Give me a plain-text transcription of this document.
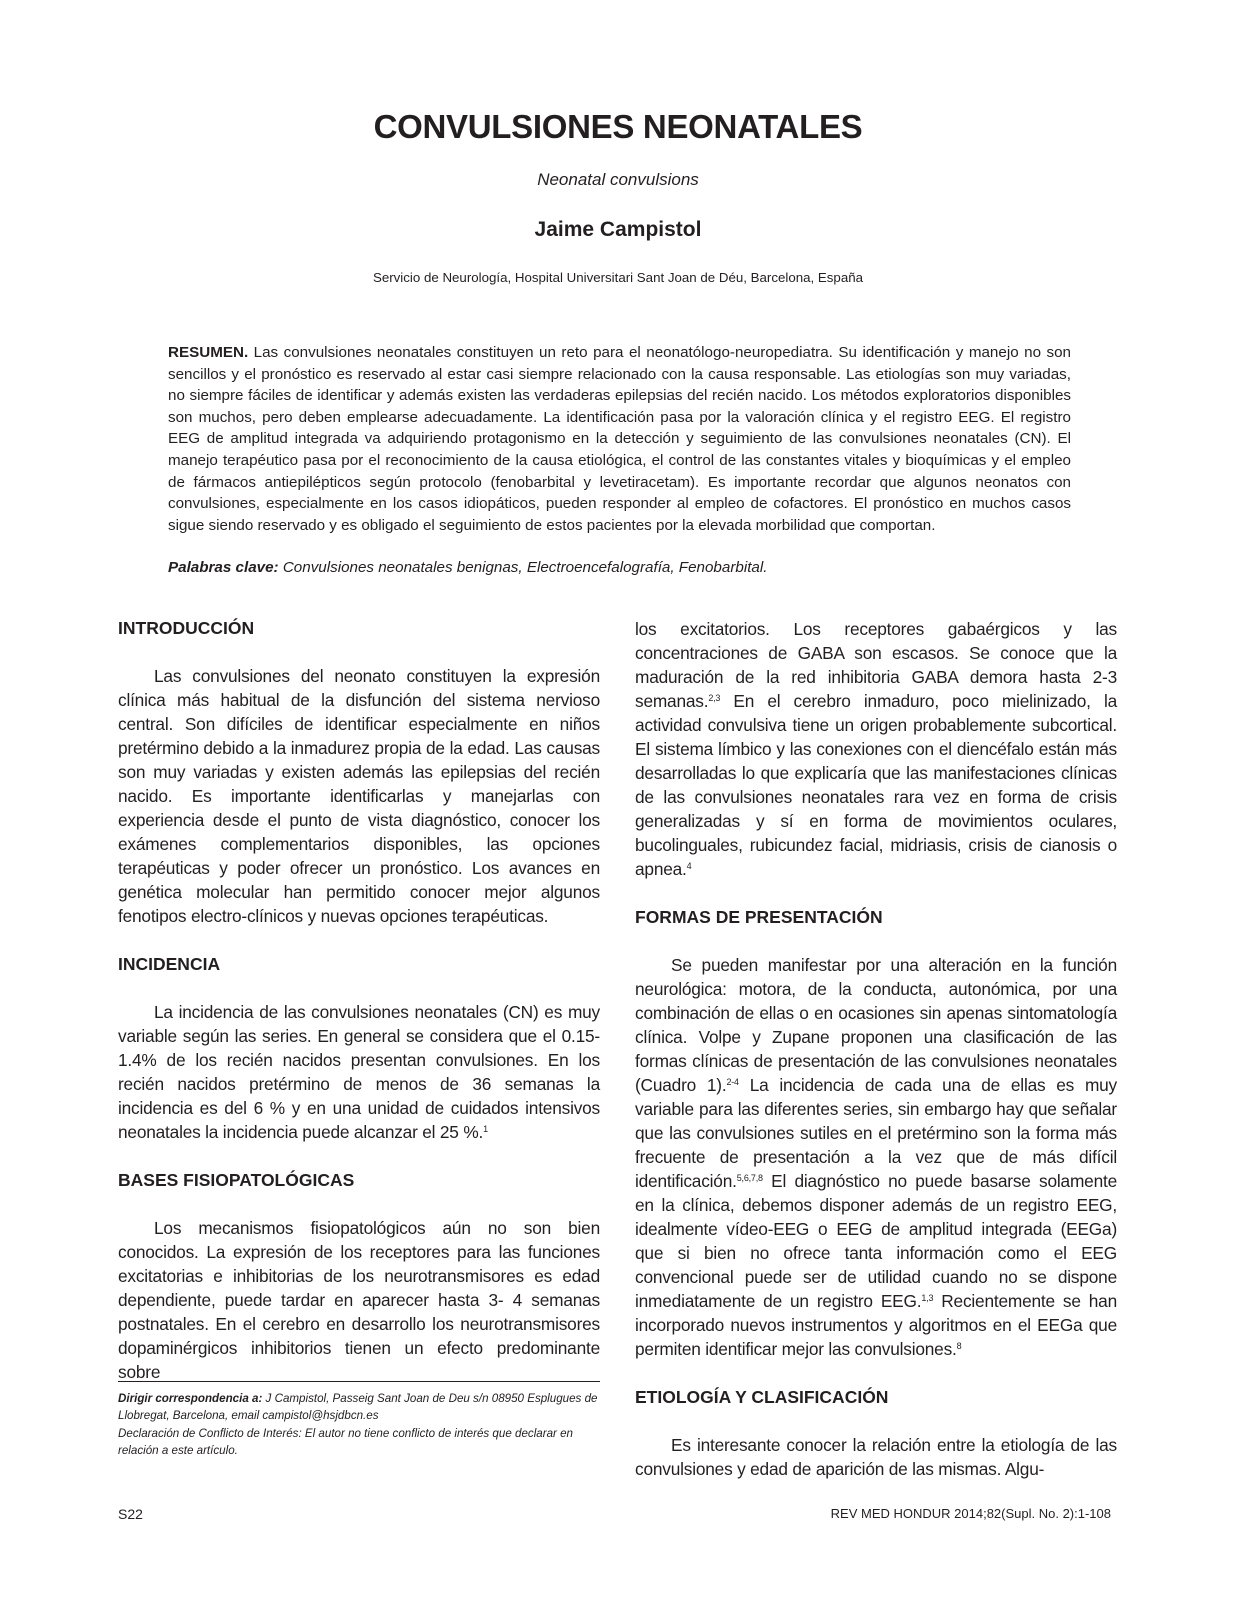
CONVULSIONES NEONATALES

Neonatal convulsions

Jaime Campistol

Servicio de Neurología, Hospital Universitari Sant Joan de Déu, Barcelona, España

RESUMEN. Las convulsiones neonatales constituyen un reto para el neonatólogo-neuropediatra. Su identificación y manejo no son sencillos y el pronóstico es reservado al estar casi siempre relacionado con la causa responsable. Las etiologías son muy variadas, no siempre fáciles de identificar y además existen las verdaderas epilepsias del recién nacido. Los métodos exploratorios disponibles son muchos, pero deben emplearse adecuadamente. La identificación pasa por la valoración clínica y el registro EEG. El registro EEG de amplitud integrada va adquiriendo protagonismo en la detección y seguimiento de las convulsiones neonatales (CN). El manejo terapéutico pasa por el reconocimiento de la causa etiológica, el control de las constantes vitales y bioquímicas y el empleo de fármacos antiepilépticos según protocolo (fenobarbital y levetiracetam). Es importante recordar que algunos neonatos con convulsiones, especialmente en los casos idiopáticos, pueden responder al empleo de cofactores. El pronóstico en muchos casos sigue siendo reservado y es obligado el seguimiento de estos pacientes por la elevada morbilidad que comportan.

Palabras clave: Convulsiones neonatales benignas, Electroencefalografía, Fenobarbital.

INTRODUCCIÓN

Las convulsiones del neonato constituyen la expresión clínica más habitual de la disfunción del sistema nervioso central. Son difíciles de identificar especialmente en niños pretérmino debido a la inmadurez propia de la edad. Las causas son muy variadas y existen además las epilepsias del recién nacido. Es importante identificarlas y manejarlas con experiencia desde el punto de vista diagnóstico, conocer los exámenes complementarios disponibles, las opciones terapéuticas y poder ofrecer un pronóstico. Los avances en genética molecular han permitido conocer mejor algunos fenotipos electro-clínicos y nuevas opciones terapéuticas.

INCIDENCIA

La incidencia de las convulsiones neonatales (CN) es muy variable según las series. En general se considera que el 0.15-1.4% de los recién nacidos presentan convulsiones. En los recién nacidos pretérmino de menos de 36 semanas la incidencia es del 6 % y en una unidad de cuidados intensivos neonatales la incidencia puede alcanzar el 25 %.$^1$

BASES FISIOPATOLÓGICAS

Los mecanismos fisiopatológicos aún no son bien conocidos. La expresión de los receptores para las funciones excitatorias e inhibitorias de los neurotransmisores es edad dependiente, puede tardar en aparecer hasta 3- 4 semanas postnatales. En el cerebro en desarrollo los neurotransmisores dopaminérgicos inhibitorios tienen un efecto predominante sobre

los excitatorios. Los receptores gabaérgicos y las concentraciones de GABA son escasos. Se conoce que la maduración de la red inhibitoria GABA demora hasta 2-3 semanas.$^{2,3}$ En el cerebro inmaduro, poco mielinizado, la actividad convulsiva tiene un origen probablemente subcortical. El sistema límbico y las conexiones con el diencéfalo están más desarrolladas lo que explicaría que las manifestaciones clínicas de las convulsiones neonatales rara vez en forma de crisis generalizadas y sí en forma de movimientos oculares, bucolinguales, rubicundez facial, midriasis, crisis de cianosis o apnea.$^4$

FORMAS DE PRESENTACIÓN

Se pueden manifestar por una alteración en la función neurológica: motora, de la conducta, autonómica, por una combinación de ellas o en ocasiones sin apenas sintomatología clínica. Volpe y Zupane proponen una clasificación de las formas clínicas de presentación de las convulsiones neonatales (Cuadro 1).$^{2-4}$ La incidencia de cada una de ellas es muy variable para las diferentes series, sin embargo hay que señalar que las convulsiones sutiles en el pretérmino son la forma más frecuente de presentación a la vez que de más difícil identificación.$^{5,6,7,8}$ El diagnóstico no puede basarse solamente en la clínica, debemos disponer además de un registro EEG, idealmente vídeo-EEG o EEG de amplitud integrada (EEGa) que si bien no ofrece tanta información como el EEG convencional puede ser de utilidad cuando no se dispone inmediatamente de un registro EEG.$^{1,3}$ Recientemente se han incorporado nuevos instrumentos y algoritmos en el EEGa que permiten identificar mejor las convulsiones.$^8$

ETIOLOGÍA Y CLASIFICACIÓN

Es interesante conocer la relación entre la etiología de las convulsiones y edad de aparición de las mismas. Algu-

Dirigir correspondencia a: J Campistol, Passeig Sant Joan de Deu s/n 08950 Esplugues de Llobregat, Barcelona, email campistol@hsjdbcn.es
Declaración de Conflicto de Interés: El autor no tiene conflicto de interés que declarar en relación a este artículo.

S22	REV MED HONDUR 2014;82(Supl. No. 2):1-108
